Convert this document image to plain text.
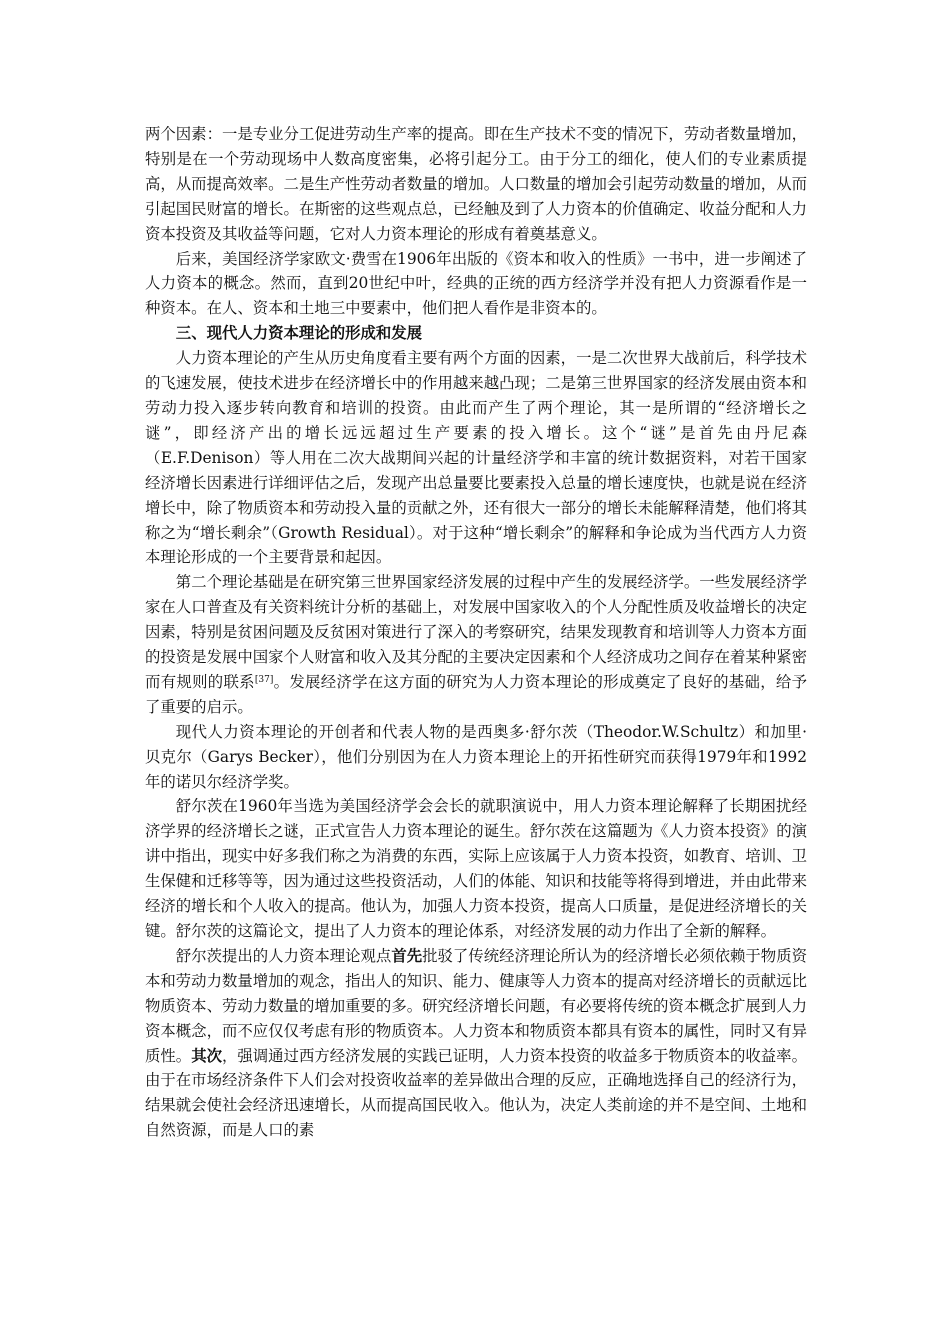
两个因素：一是专业分工促进劳动生产率的提高。即在生产技术不变的情况下，劳动者数量增加，特别是在一个劳动现场中人数高度密集，必将引起分工。由于分工的细化，使人们的专业素质提高，从而提高效率。二是生产性劳动者数量的增加。人口数量的增加会引起劳动数量的增加，从而引起国民财富的增长。在斯密的这些观点总，已经触及到了人力资本的价值确定、收益分配和人力资本投资及其收益等问题，它对人力资本理论的形成有着奠基意义。

后来，美国经济学家欧文·费雪在1906年出版的《资本和收入的性质》一书中，进一步阐述了人力资本的概念。然而，直到20世纪中叶，经典的正统的西方经济学并没有把人力资源看作是一种资本。在人、资本和土地三中要素中，他们把人看作是非资本的。

三、现代人力资本理论的形成和发展

人力资本理论的产生从历史角度看主要有两个方面的因素，一是二次世界大战前后，科学技术的飞速发展，使技术进步在经济增长中的作用越来越凸现；二是第三世界国家的经济发展由资本和劳动力投入逐步转向教育和培训的投资。由此而产生了两个理论，其一是所谓的“经济增长之谜”，即经济产出的增长远远超过生产要素的投入增长。这个“谜”是首先由丹尼森（E.F.Denison）等人用在二次大战期间兴起的计量经济学和丰富的统计数据资料，对若干国家经济增长因素进行详细评估之后，发现产出总量要比要素投入总量的增长速度快，也就是说在经济增长中，除了物质资本和劳动投入量的贡献之外，还有很大一部分的增长未能解释清楚，他们将其称之为“增长剩余”（Growth Residual）。对于这种“增长剩余”的解释和争论成为当代西方人力资本理论形成的一个主要背景和起因。

第二个理论基础是在研究第三世界国家经济发展的过程中产生的发展经济学。一些发展经济学家在人口普查及有关资料统计分析的基础上，对发展中国家收入的个人分配性质及收益增长的决定因素，特别是贫困问题及反贫困对策进行了深入的考察研究，结果发现教育和培训等人力资本方面的投资是发展中国家个人财富和收入及其分配的主要决定因素和个人经济成功之间存在着某种紧密而有规则的联系[37]。发展经济学在这方面的研究为人力资本理论的形成奠定了良好的基础，给予了重要的启示。

现代人力资本理论的开创者和代表人物的是西奥多·舒尔茨（Theodor.W.Schultz）和加里·贝克尔（Garys Becker），他们分别因为在人力资本理论上的开拓性研究而获得1979年和1992年的诺贝尔经济学奖。

舒尔茨在1960年当选为美国经济学会会长的就职演说中，用人力资本理论解释了长期困扰经济学界的经济增长之谜，正式宣告人力资本理论的诞生。舒尔茨在这篇题为《人力资本投资》的演讲中指出，现实中好多我们称之为消费的东西，实际上应该属于人力资本投资，如教育、培训、卫生保健和迁移等等，因为通过这些投资活动，人们的体能、知识和技能等将得到增进，并由此带来经济的增长和个人收入的提高。他认为，加强人力资本投资，提高人口质量，是促进经济增长的关键。舒尔茨的这篇论文，提出了人力资本的理论体系，对经济发展的动力作出了全新的解释。

舒尔茨提出的人力资本理论观点首先批驳了传统经济理论所认为的经济增长必须依赖于物质资本和劳动力数量增加的观念，指出人的知识、能力、健康等人力资本的提高对经济增长的贡献远比物质资本、劳动力数量的增加重要的多。研究经济增长问题，有必要将传统的资本概念扩展到人力资本概念，而不应仅仅考虑有形的物质资本。人力资本和物质资本都具有资本的属性，同时又有异质性。其次，强调通过西方经济发展的实践已证明，人力资本投资的收益多于物质资本的收益率。由于在市场经济条件下人们会对投资收益率的差异做出合理的反应，正确地选择自己的经济行为，结果就会使社会经济迅速增长，从而提高国民收入。他认为，决定人类前途的并不是空间、土地和自然资源，而是人口的素
